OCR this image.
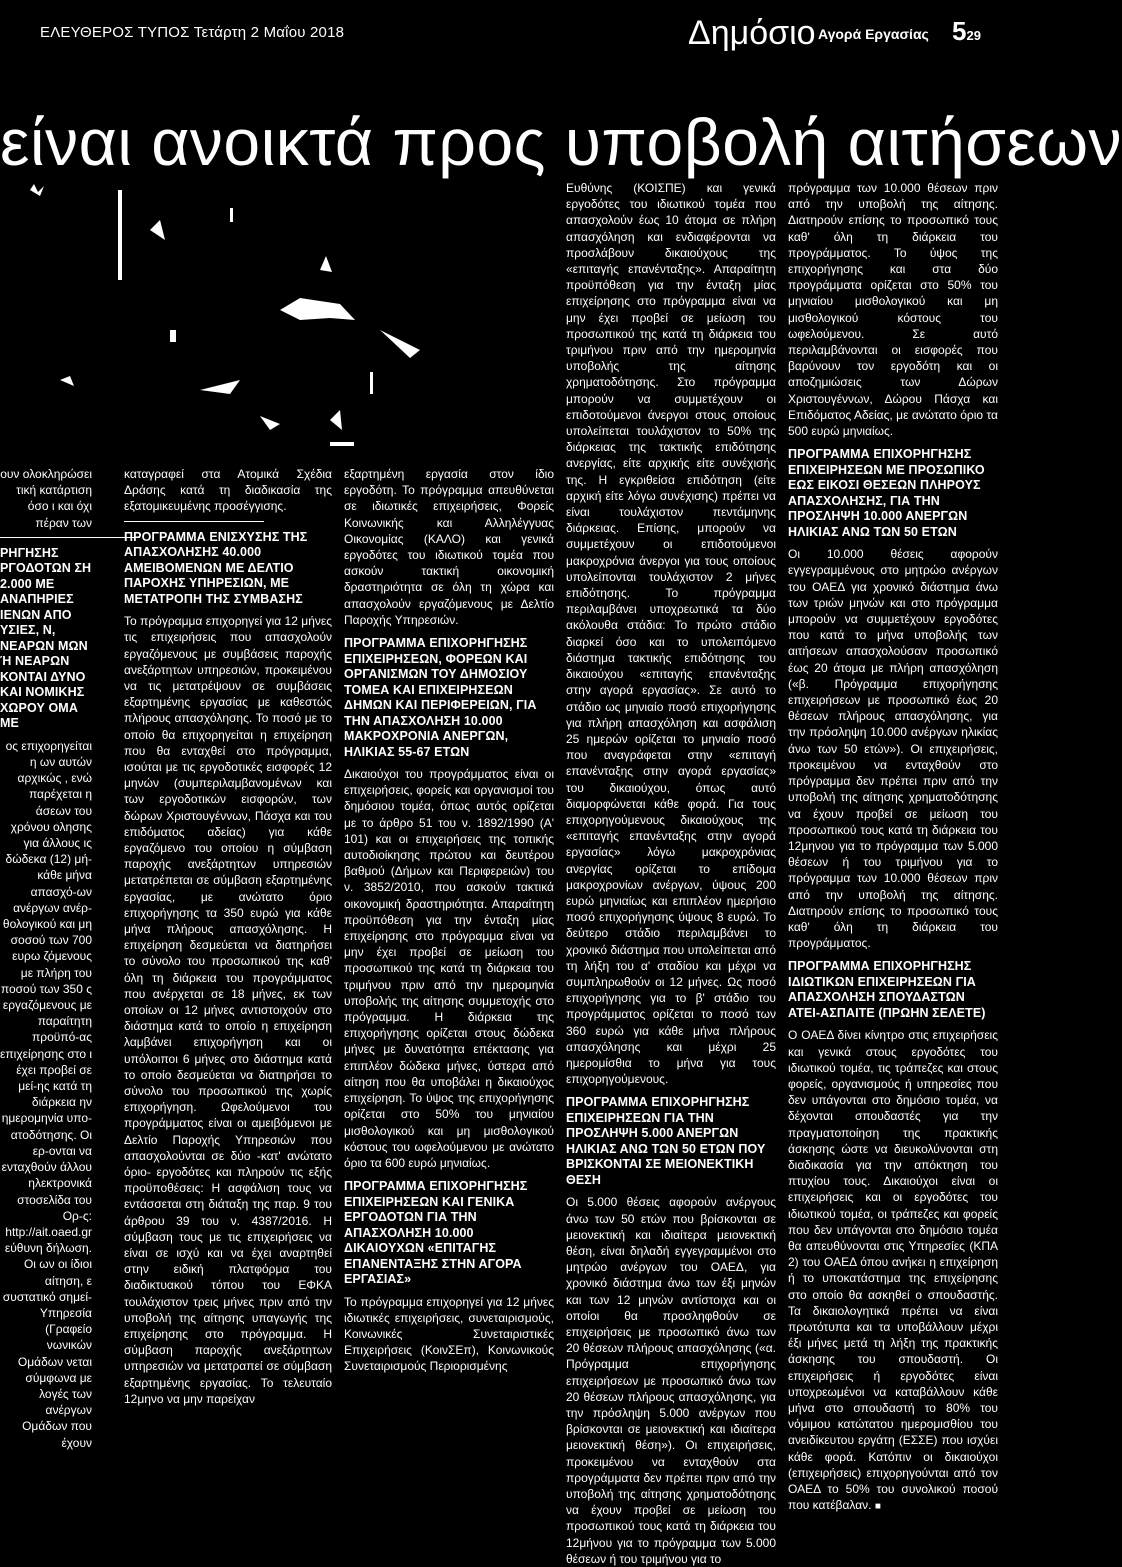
ΕΛΕΥΘΕΡΟΣ ΤΥΠΟΣ Τετάρτη 2 Μαΐου 2018	Δημόσιο Αγορά Εργασίας 529
είναι ανοικτά προς υποβολή αιτήσεων

ουν ολοκληρώσει τική κατάρτιση όσο ι και όχι πέραν των

ΡΗΓΗΣΗΣ ΡΓΟΔΟΤΩΝ ΣΗ 2.000 ΜΕ ΑΝΑΠΗΡΙΕΣ ΙΕΝΩΝ ΑΠΟ ΥΣΙΕΣ, Ν, ΝΕΑΡΩΝ ΜΩΝ Ή ΝΕΑΡΩΝ ΚΟΝΤΑΙ ΔΥΝΟ ΚΑΙ ΝΟΜΙΚΗΣ ΧΩΡΟΥ ΟΜΑ ΜΕ

ος επιχορηγείται η ων αυτών αρχικώς , ενώ παρέχεται η άσεων του χρόνου ολησης για άλλους ις δώδεκα (12) μή-κάθε μήνα απασχό-ων ανέργων ανέρ-θολογικού και μη σοσού των 700 ευρω ζόμενους με πλήρη του ποσού των 350 ς εργαζόμενους με παραίτητη προϋπό-ας επιχείρησης στο ι έχει προβεί σε μεί-ης κατά τη διάρκεια ην ημερομηνία υπο-ατοδότησης. Οι ερ-ονται να ενταχθούν άλλου ηλεκτρονικά στοσελίδα του Ορ-ς: http://ait.oaed.gr εύθυνη δήλωση. Οι ων οι ίδιοι αίτηση, ε συστατικό σημεί-Υπηρεσία (Γραφείο νωνικών Ομάδων νεται σύμφωνα με λογές των ανέργων Ομάδων που έχουν

καταγραφεί στα Ατομικά Σχέδια Δράσης κατά τη διαδικασία της εξατομικευμένης προσέγγισης.

ΠΡΟΓΡΑΜΜΑ ΕΝΙΣΧΥΣΗΣ ΤΗΣ ΑΠΑΣΧΟΛΗΣΗΣ 40.000 ΑΜΕΙΒΟΜΕΝΩΝ ΜΕ ΔΕΛΤΙΟ ΠΑΡΟΧΗΣ ΥΠΗΡΕΣΙΩΝ, ΜΕ ΜΕΤΑΤΡΟΠΗ ΤΗΣ ΣΥΜΒΑΣΗΣ

Το πρόγραμμα επιχορηγεί για 12 μήνες τις επιχειρήσεις που απασχολούν εργαζόμενους με συμβάσεις παροχής ανεξάρτητων υπηρεσιών, προκειμένου να τις μετατρέψουν σε συμβάσεις εξαρτημένης εργασίας με καθεστώς πλήρους απασχόλησης. Το ποσό με το οποίο θα επιχορηγείται η επιχείρηση που θα ενταχθεί στο πρόγραμμα, ισούται με τις εργοδοτικές εισφορές 12 μηνών (συμπεριλαμβανομένων και των εργοδοτικών εισφορών, των δώρων Χριστουγέννων, Πάσχα και του επιδόματος αδείας) για κάθε εργαζόμενο του οποίου η σύμβαση παροχής ανεξάρτητων υπηρεσιών μετατρέπεται σε σύμβαση εξαρτημένης εργασίας, με ανώτατο όριο επιχορήγησης τα 350 ευρώ για κάθε μήνα πλήρους απασχόλησης. Η επιχείρηση δεσμεύεται να διατηρήσει το σύνολο του προσωπικού της καθ' όλη τη διάρκεια του προγράμματος που ανέρχεται σε 18 μήνες, εκ των οποίων οι 12 μήνες αντιστοιχούν στο διάστημα κατά το οποίο η επιχείρηση λαμβάνει επιχορήγηση και οι υπόλοιποι 6 μήνες στο διάστημα κατά το οποίο δεσμεύεται να διατηρήσει το σύνολο του προσωπικού της χωρίς επιχορήγηση. Ωφελούμενοι του προγράμματος είναι οι αμειβόμενοι με Δελτίο Παροχής Υπηρεσιών που απασχολούνται σε δύο -κατ' ανώτατο όριο- εργοδότες και πληρούν τις εξής προϋποθέσεις: Η ασφάλιση τους να εντάσσεται στη διάταξη της παρ. 9 του άρθρου 39 του ν. 4387/2016. Η σύμβαση τους με τις επιχειρήσεις να είναι σε ισχύ και να έχει αναρτηθεί στην ειδική πλατφόρμα του διαδικτυακού τόπου του ΕΦΚΑ τουλάχιστον τρεις μήνες πριν από την υποβολή της αίτησης υπαγωγής της επιχείρησης στο πρόγραμμα. Η σύμβαση παροχής ανεξάρτητων υπηρεσιών να μετατραπεί σε σύμβαση εξαρτημένης εργασίας. Το τελευταίο 12μηνο να μην παρείχαν

εξαρτημένη εργασία στον ίδιο εργοδότη. Το πρόγραμμα απευθύνεται σε ιδιωτικές επιχειρήσεις, Φορείς Κοινωνικής και Αλληλέγγυας Οικονομίας (ΚΑΛΟ) και γενικά εργοδότες του ιδιωτικού τομέα που ασκούν τακτική οικονομική δραστηριότητα σε όλη τη χώρα και απασχολούν εργαζόμενους με Δελτίο Παροχής Υπηρεσιών.

ΠΡΟΓΡΑΜΜΑ ΕΠΙΧΟΡΗΓΗΣΗΣ ΕΠΙΧΕΙΡΗΣΕΩΝ, ΦΟΡΕΩΝ ΚΑΙ ΟΡΓΑΝΙΣΜΩΝ ΤΟΥ ΔΗΜΟΣΙΟΥ ΤΟΜΕΑ ΚΑΙ ΕΠΙΧΕΙΡΗΣΕΩΝ ΔΗΜΩΝ ΚΑΙ ΠΕΡΙΦΕΡΕΙΩΝ, ΓΙΑ ΤΗΝ ΑΠΑΣΧΟΛΗΣΗ 10.000 ΜΑΚΡΟΧΡΟΝΙΑ ΑΝΕΡΓΩΝ, ΗΛΙΚΙΑΣ 55-67 ΕΤΩΝ

Δικαιούχοι του προγράμματος είναι οι επιχειρήσεις, φορείς και οργανισμοί του δημόσιου τομέα, όπως αυτός ορίζεται με το άρθρο 51 του ν. 1892/1990 (Α' 101) και οι επιχειρήσεις της τοπικής αυτοδιοίκησης πρώτου και δευτέρου βαθμού (Δήμων και Περιφερειών) του ν. 3852/2010, που ασκούν τακτικά οικονομική δραστηριότητα. Απαραίτητη προϋπόθεση για την ένταξη μίας επιχείρησης στο πρόγραμμα είναι να μην έχει προβεί σε μείωση του προσωπικού της κατά τη διάρκεια του τριμήνου πριν από την ημερομηνία υποβολής της αίτησης συμμετοχής στο πρόγραμμα. Η διάρκεια της επιχορήγησης ορίζεται στους δώδεκα μήνες με δυνατότητα επέκτασης για επιπλέον δώδεκα μήνες, ύστερα από αίτηση που θα υποβάλει η δικαιούχος επιχείρηση. Το ύψος της επιχορήγησης ορίζεται στο 50% του μηνιαίου μισθολογικού και μη μισθολογικού κόστους του ωφελούμενου με ανώτατο όριο τα 600 ευρώ μηνιαίως.

ΠΡΟΓΡΑΜΜΑ ΕΠΙΧΟΡΗΓΗΣΗΣ ΕΠΙΧΕΙΡΗΣΕΩΝ ΚΑΙ ΓΕΝΙΚΑ ΕΡΓΟΔΟΤΩΝ ΓΙΑ ΤΗΝ ΑΠΑΣΧΟΛΗΣΗ 10.000 ΔΙΚΑΙΟΥΧΩΝ «ΕΠΙΤΑΓΗΣ ΕΠΑΝΕΝΤΑΞΗΣ ΣΤΗΝ ΑΓΟΡΑ ΕΡΓΑΣΙΑΣ»

Το πρόγραμμα επιχορηγεί για 12 μήνες ιδιωτικές επιχειρήσεις, συνεταιρισμούς, Κοινωνικές Συνεταιριστικές Επιχειρήσεις (ΚοινΣΕπ), Κοινωνικούς Συνεταιρισμούς Περιορισμένης

Ευθύνης (ΚΟΙΣΠΕ) και γενικά εργοδότες του ιδιωτικού τομέα που απασχολούν έως 10 άτομα σε πλήρη απασχόληση και ενδιαφέρονται να προσλάβουν δικαιούχους της «επιταγής επανένταξης». Απαραίτητη προϋπόθεση για την ένταξη μίας επιχείρησης στο πρόγραμμα είναι να μην έχει προβεί σε μείωση του προσωπικού της κατά τη διάρκεια του τριμήνου πριν από την ημερομηνία υποβολής της αίτησης χρηματοδότησης. Στο πρόγραμμα μπορούν να συμμετέχουν οι επιδοτούμενοι άνεργοι στους οποίους υπολείπεται τουλάχιστον το 50% της διάρκειας της τακτικής επιδότησης ανεργίας, είτε αρχικής είτε συνέχισής της. Η εγκριθείσα επιδότηση (είτε αρχική είτε λόγω συνέχισης) πρέπει να είναι τουλάχιστον πεντάμηνης διάρκειας. Επίσης, μπορούν να συμμετέχουν οι επιδοτούμενοι μακροχρόνια άνεργοι για τους οποίους υπολείπονται τουλάχιστον 2 μήνες επιδότησης. Το πρόγραμμα περιλαμβάνει υποχρεωτικά τα δύο ακόλουθα στάδια: Το πρώτο στάδιο διαρκεί όσο και το υπολειπόμενο διάστημα τακτικής επιδότησης του δικαιούχου «επιταγής επανένταξης στην αγορά εργασίας». Σε αυτό το στάδιο ως μηνιαίο ποσό επιχορήγησης για πλήρη απασχόληση και ασφάλιση 25 ημερών ορίζεται το μηνιαίο ποσό που αναγράφεται στην «επιταγή επανένταξης στην αγορά εργασίας» του δικαιούχου, όπως αυτό διαμορφώνεται κάθε φορά. Για τους επιχορηγούμενους δικαιούχους της «επιταγής επανένταξης στην αγορά εργασίας» λόγω μακροχρόνιας ανεργίας ορίζεται το επίδομα μακροχρονίων ανέργων, ύψους 200 ευρώ μηνιαίως και επιπλέον ημερήσιο ποσό επιχορήγησης ύψους 8 ευρώ. Το δεύτερο στάδιο περιλαμβάνει το χρονικό διάστημα που υπολείπεται από τη λήξη του α' σταδίου και μέχρι να συμπληρωθούν οι 12 μήνες. Ως ποσό επιχορήγησης για το β' στάδιο του προγράμματος ορίζεται το ποσό των 360 ευρώ για κάθε μήνα πλήρους απασχόλησης και μέχρι 25 ημερομίσθια το μήνα για τους επιχορηγούμενους.

ΠΡΟΓΡΑΜΜΑ ΕΠΙΧΟΡΗΓΗΣΗΣ ΕΠΙΧΕΙΡΗΣΕΩΝ ΓΙΑ ΤΗΝ ΠΡΟΣΛΗΨΗ 5.000 ΑΝΕΡΓΩΝ ΗΛΙΚΙΑΣ ΑΝΩ ΤΩΝ 50 ΕΤΩΝ ΠΟΥ ΒΡΙΣΚΟΝΤΑΙ ΣΕ ΜΕΙΟΝΕΚΤΙΚΗ ΘΕΣΗ

Οι 5.000 θέσεις αφορούν ανέργους άνω των 50 ετών που βρίσκονται σε μειονεκτική και ιδιαίτερα μειονεκτική θέση, είναι δηλαδή εγγεγραμμένοι στο μητρώο ανέργων του ΟΑΕΔ, για χρονικό διάστημα άνω των έξι μηνών και των 12 μηνών αντίστοιχα και οι οποίοι θα προσληφθούν σε επιχειρήσεις με προσωπικό άνω των 20 θέσεων πλήρους απασχόλησης («α. Πρόγραμμα επιχορήγησης επιχειρήσεων με προσωπικό άνω των 20 θέσεων πλήρους απασχόλησης, για την πρόσληψη 5.000 ανέργων που βρίσκονται σε μειονεκτική και ιδιαίτερα μειονεκτική θέση»). Οι επιχειρήσεις, προκειμένου να ενταχθούν στα προγράμματα δεν πρέπει πριν από την υποβολή της αίτησης χρηματοδότησης να έχουν προβεί σε μείωση του προσωπικού τους κατά τη διάρκεια του 12μήνου για το πρόγραμμα των 5.000 θέσεων ή του τριμήνου για το

πρόγραμμα των 10.000 θέσεων πριν από την υποβολή της αίτησης. Διατηρούν επίσης το προσωπικό τους καθ' όλη τη διάρκεια του προγράμματος. Το ύψος της επιχορήγησης και στα δύο προγράμματα ορίζεται στο 50% του μηνιαίου μισθολογικού και μη μισθολογικού κόστους του ωφελούμενου. Σε αυτό περιλαμβάνονται οι εισφορές που βαρύνουν τον εργοδότη και οι αποζημιώσεις των Δώρων Χριστουγέννων, Δώρου Πάσχα και Επιδόματος Αδείας, με ανώτατο όριο τα 500 ευρώ μηνιαίως.

ΠΡΟΓΡΑΜΜΑ ΕΠΙΧΟΡΗΓΗΣΗΣ ΕΠΙΧΕΙΡΗΣΕΩΝ ΜΕ ΠΡΟΣΩΠΙΚΟ ΕΩΣ ΕΙΚΟΣΙ ΘΕΣΕΩΝ ΠΛΗΡΟΥΣ ΑΠΑΣΧΟΛΗΣΗΣ, ΓΙΑ ΤΗΝ ΠΡΟΣΛΗΨΗ 10.000 ΑΝΕΡΓΩΝ ΗΛΙΚΙΑΣ ΑΝΩ ΤΩΝ 50 ΕΤΩΝ

Οι 10.000 θέσεις αφορούν εγγεγραμμένους στο μητρώο ανέργων του ΟΑΕΔ για χρονικό διάστημα άνω των τριών μηνών και στο πρόγραμμα μπορούν να συμμετέχουν εργοδότες που κατά το μήνα υποβολής των αιτήσεων απασχολούσαν προσωπικό έως 20 άτομα με πλήρη απασχόληση («β. Πρόγραμμα επιχορήγησης επιχειρήσεων με προσωπικό έως 20 θέσεων πλήρους απασχόλησης, για την πρόσληψη 10.000 ανέργων ηλικίας άνω των 50 ετών»). Οι επιχειρήσεις, προκειμένου να ενταχθούν στο πρόγραμμα δεν πρέπει πριν από την υποβολή της αίτησης χρηματοδότησης να έχουν προβεί σε μείωση του προσωπικού τους κατά τη διάρκεια του 12μηνου για το πρόγραμμα των 5.000 θέσεων ή του τριμήνου για το πρόγραμμα των 10.000 θέσεων πριν από την υποβολή της αίτησης. Διατηρούν επίσης το προσωπικό τους καθ' όλη τη διάρκεια του προγράμματος.

ΠΡΟΓΡΑΜΜΑ ΕΠΙΧΟΡΗΓΗΣΗΣ ΙΔΙΩΤΙΚΩΝ ΕΠΙΧΕΙΡΗΣΕΩΝ ΓΙΑ ΑΠΑΣΧΟΛΗΣΗ ΣΠΟΥΔΑΣΤΩΝ ΑΤΕΙ-ΑΣΠΑΙΤΕ (ΠΡΩΗΝ ΣΕΛΕΤΕ)

Ο ΟΑΕΔ δίνει κίνητρο στις επιχειρήσεις και γενικά στους εργοδότες του ιδιωτικού τομέα, τις τράπεζες και στους φορείς, οργανισμούς ή υπηρεσίες που δεν υπάγονται στο δημόσιο τομέα, να δέχονται σπουδαστές για την πραγματοποίηση της πρακτικής άσκησης ώστε να διευκολύνονται στη διαδικασία για την απόκτηση του πτυχίου τους. Δικαιούχοι είναι οι επιχειρήσεις και οι εργοδότες του ιδιωτικού τομέα, οι τράπεζες και φορείς που δεν υπάγονται στο δημόσιο τομέα θα απευθύνονται στις Υπηρεσίες (ΚΠΑ 2) του ΟΑΕΔ όπου ανήκει η επιχείρηση ή το υποκατάστημα της επιχείρησης στο οποίο θα ασκηθεί ο σπουδαστής. Τα δικαιολογητικά πρέπει να είναι πρωτότυπα και τα υποβάλλουν μέχρι έξι μήνες μετά τη λήξη της πρακτικής άσκησης του σπουδαστή. Οι επιχειρήσεις ή εργοδότες είναι υποχρεωμένοι να καταβάλλουν κάθε μήνα στο σπουδαστή το 80% του νόμιμου κατώτατου ημερομισθίου του ανειδίκευτου εργάτη (ΕΣΣΕ) που ισχύει κάθε φορά. Κατόπιν οι δικαιούχοι (επιχειρήσεις) επιχορηγούνται από τον ΟΑΕΔ το 50% του συνολικού ποσού που κατέβαλαν. ■
